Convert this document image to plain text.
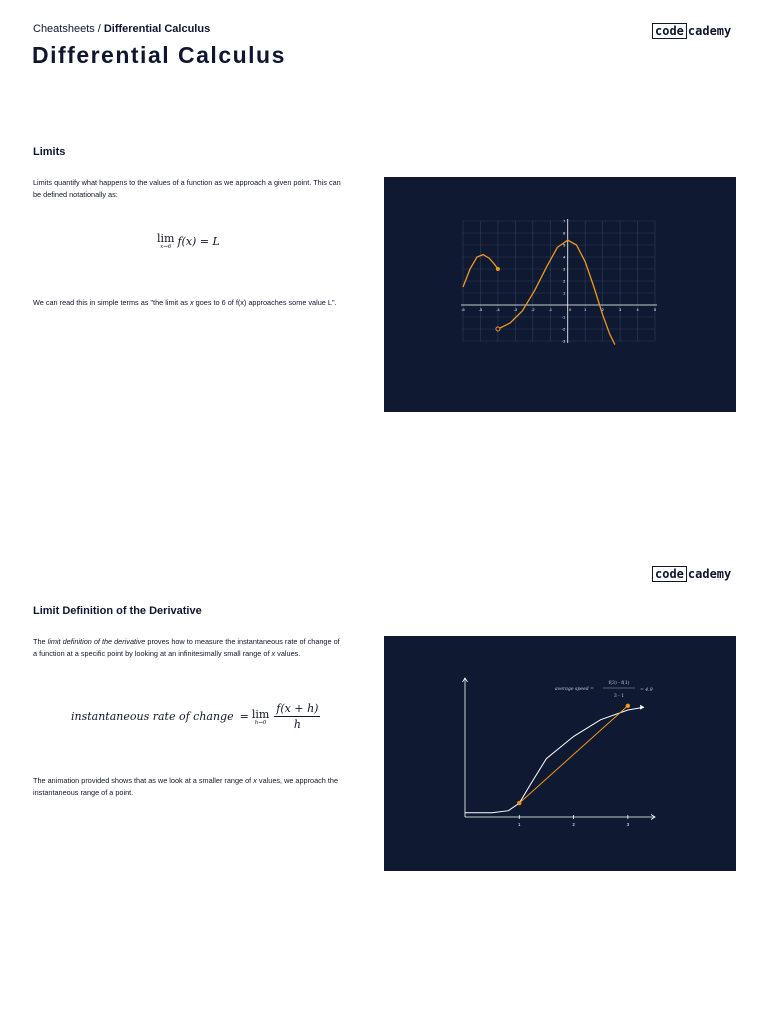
Cheatsheets / Differential Calculus
Differential Calculus
code cademy
Limits

Limits quantify what happens to the values of a function as we approach a given point. This can be defined notationally as:

lim
x→6 f(x) = L

We can read this in simple terms as "the limit as x goes to 6 of f(x) approaches some value L".

-6	-5	-4	-3	-2	-1	0	1	2	3	4	5
7
6
5
4
3
2
1
-1
-2
-3
code cademy
Limit Definition of the Derivative

The limit definition of the derivative proves how to measure the instantaneous rate of change of a function at a specific point by looking at an infinitesimally small range of x values.

instantaneous rate of change = lim
$h\to 0 \frac{f(x + h)}{h}$

The animation provided shows that as we look at a smaller range of x values, we approach the instantaneous range of a point.

1	2	3
average speed =
f(3) - f(1)
3 - 1
= 4.9
